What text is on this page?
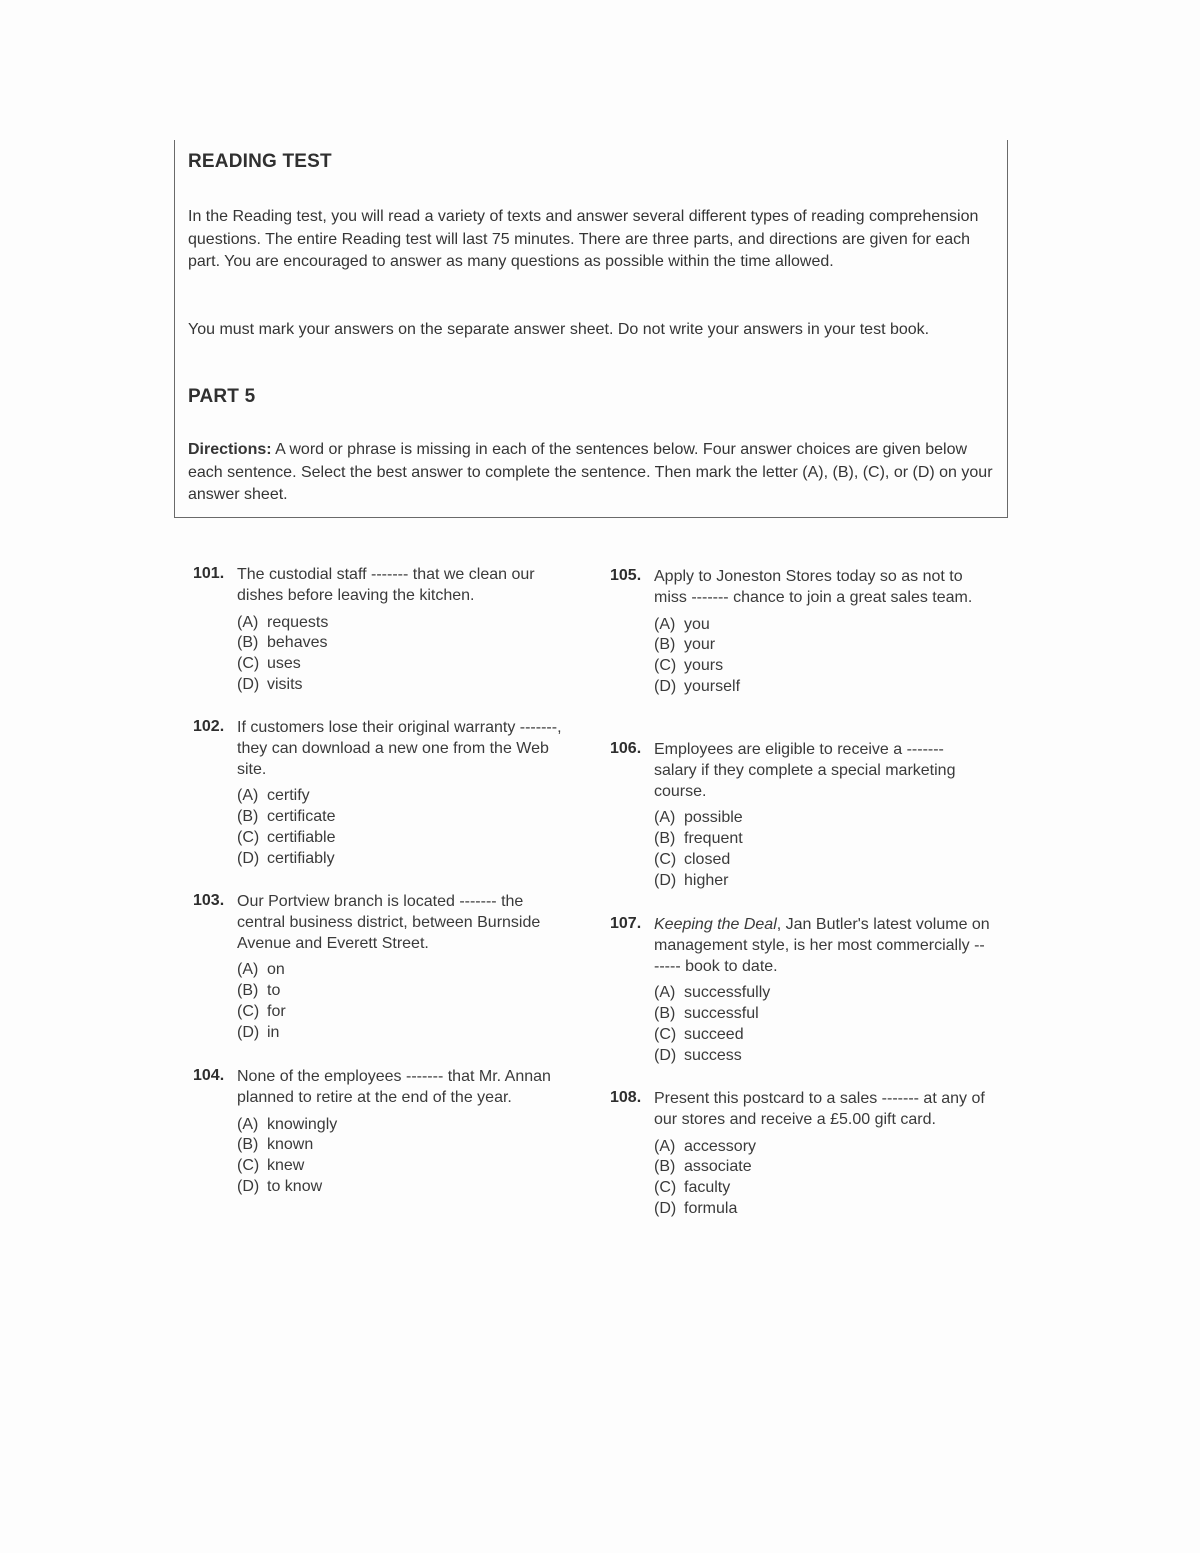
READING TEST
In the Reading test, you will read a variety of texts and answer several different types of reading comprehension questions. The entire Reading test will last 75 minutes. There are three parts, and directions are given for each part. You are encouraged to answer as many questions as possible within the time allowed.
You must mark your answers on the separate answer sheet. Do not write your answers in your test book.
PART 5
Directions: A word or phrase is missing in each of the sentences below. Four answer choices are given below each sentence. Select the best answer to complete the sentence. Then mark the letter (A), (B), (C), or (D) on your answer sheet.
101. The custodial staff ------- that we clean our dishes before leaving the kitchen.
(A) requests
(B) behaves
(C) uses
(D) visits
102. If customers lose their original warranty -------, they can download a new one from the Web site.
(A) certify
(B) certificate
(C) certifiable
(D) certifiably
103. Our Portview branch is located ------- the central business district, between Burnside Avenue and Everett Street.
(A) on
(B) to
(C) for
(D) in
104. None of the employees ------- that Mr. Annan planned to retire at the end of the year.
(A) knowingly
(B) known
(C) knew
(D) to know
105. Apply to Joneston Stores today so as not to miss ------- chance to join a great sales team.
(A) you
(B) your
(C) yours
(D) yourself
106. Employees are eligible to receive a ------- salary if they complete a special marketing course.
(A) possible
(B) frequent
(C) closed
(D) higher
107. Keeping the Deal, Jan Butler's latest volume on management style, is her most commercially ------- book to date.
(A) successfully
(B) successful
(C) succeed
(D) success
108. Present this postcard to a sales ------- at any of our stores and receive a £5.00 gift card.
(A) accessory
(B) associate
(C) faculty
(D) formula
